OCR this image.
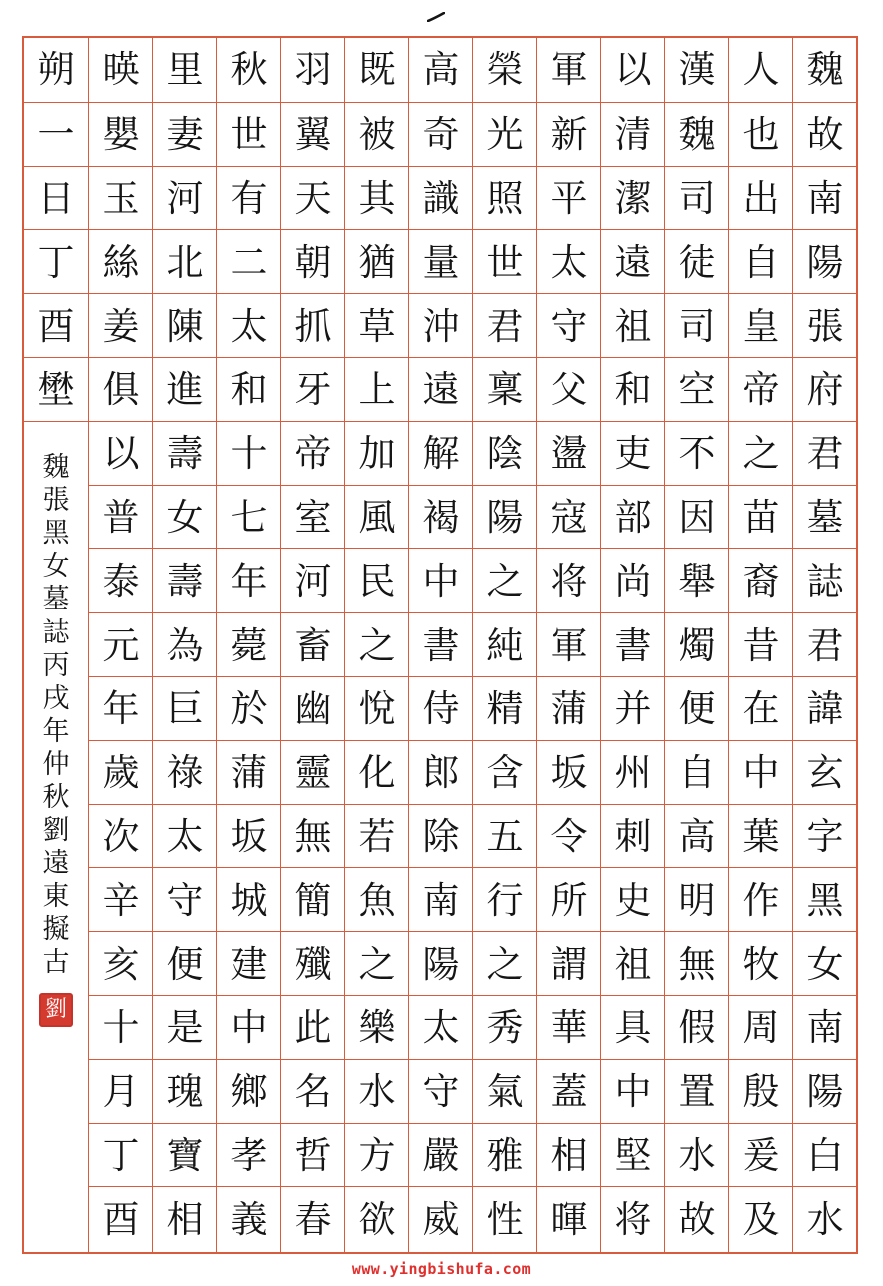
魏
故
南
陽
張
府
君
墓
誌
君
諱
玄
字
黑
女
南
陽
白
水
人
也
出
自
皇
帝
之
苗
裔
昔
在
中
葉
作
牧
周
殷
爰
及
漢
魏
司
徒
司
空
不
因
舉
燭
便
自
高
明
無
假
置
水
故
以
清
潔
遠
祖
和
吏
部
尚
書
并
州
刺
史
祖
具
中
堅
将
軍
新
平
太
守
父
盪
寇
将
軍
蒲
坂
令
所
謂
華
蓋
相
暉
榮
光
照
世
君
稟
陰
陽
之
純
精
含
五
行
之
秀
氣
雅
性
高
奇
識
量
沖
遠
解
褐
中
書
侍
郎
除
南
陽
太
守
嚴
威
既
被
其
猶
草
上
加
風
民
之
悅
化
若
魚
之
樂
水
方
欲
羽
翼
天
朝
抓
牙
帝
室
河
畜
幽
靈
無
簡
殲
此
名
哲
春
秋
世
有
二
太
和
十
七
年
薨
於
蒲
坂
城
建
中
鄉
孝
義
里
妻
河
北
陳
進
壽
女
壽
為
巨
祿
太
守
便
是
瑰
寶
相
暎
嬰
玉
絲
姜
俱
以
普
泰
元
年
歲
次
辛
亥
十
月
丁
酉
朔
一
日
丁
酉
壄
魏
張
黑
女
墓
誌
丙
戌
年
仲
秋
劉
遠
東
擬
古
劉
www.yingbishufa.com
